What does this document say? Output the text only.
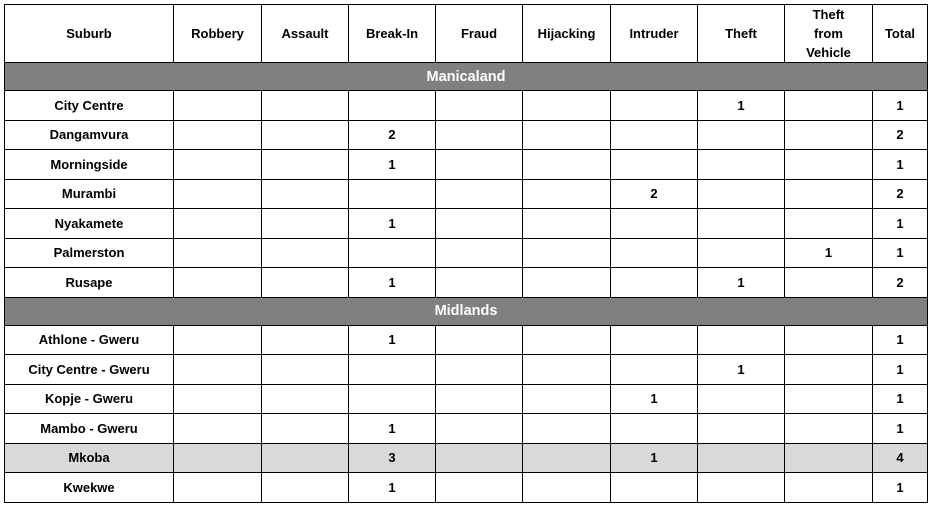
Suburb	Robbery	Assault	Break-In	Fraud	Hijacking	Intruder	Theft	Theft from Vehicle	Total
Manicaland									
City Centre							1		1
Dangamvura			2						2
Morningside			1						1
Murambi						2			2
Nyakamete			1						1
Palmerston								1	1
Rusape			1				1		2
Midlands									
Athlone - Gweru			1						1
City Centre - Gweru							1		1
Kopje - Gweru						1			1
Mambo - Gweru			1						1
Mkoba			3			1			4
Kwekwe			1						1
